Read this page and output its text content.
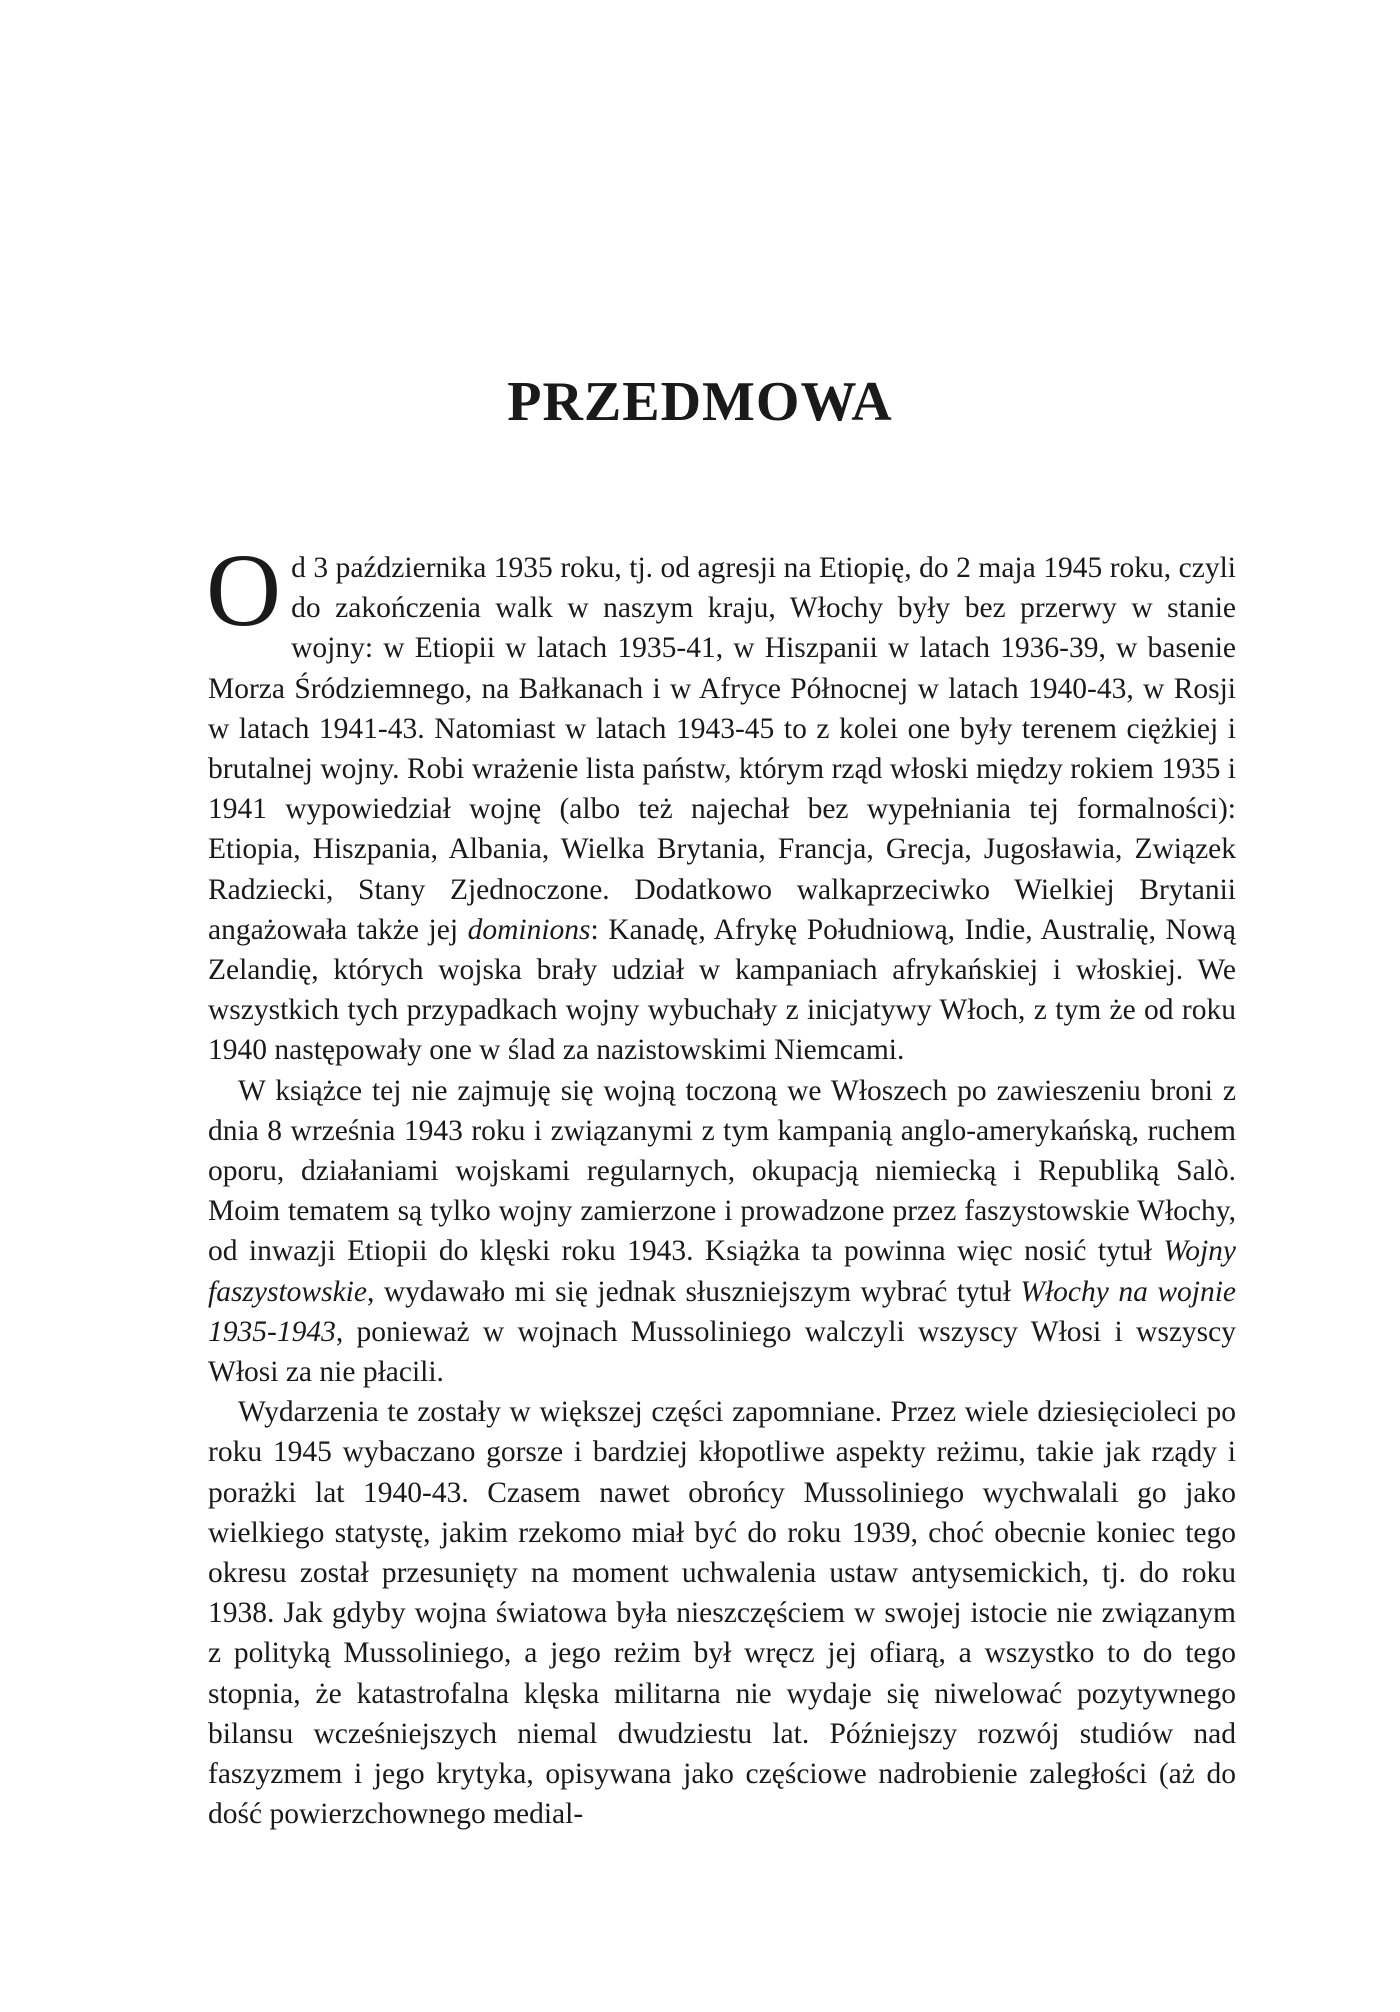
PRZEDMOWA

Od 3 października 1935 roku, tj. od agresji na Etiopię, do 2 maja 1945 roku, czyli do zakończenia walk w naszym kraju, Włochy były bez przerwy w stanie wojny: w Etiopii w latach 1935-41, w Hiszpanii w latach 1936-39, w basenie Morza Śródziemnego, na Bałkanach i w Afryce Północnej w latach 1940-43, w Rosji w latach 1941-43. Natomiast w latach 1943-45 to z kolei one były terenem ciężkiej i brutalnej wojny. Robi wrażenie lista państw, którym rząd włoski między rokiem 1935 i 1941 wypowiedział wojnę (albo też najechał bez wypełniania tej formalności): Etiopia, Hiszpania, Albania, Wielka Brytania, Francja, Grecja, Jugosławia, Związek Radziecki, Stany Zjednoczone. Dodatkowo walkaprzeciwko Wielkiej Brytanii angażowała także jej dominions: Kanadę, Afrykę Południową, Indie, Australię, Nową Zelandię, których wojska brały udział w kampaniach afrykańskiej i włoskiej. We wszystkich tych przypadkach wojny wybuchały z inicjatywy Włoch, z tym że od roku 1940 następowały one w ślad za nazistowskimi Niemcami.

W książce tej nie zajmuję się wojną toczoną we Włoszech po zawieszeniu broni z dnia 8 września 1943 roku i związanymi z tym kampanią anglo-amerykańską, ruchem oporu, działaniami wojskami regularnych, okupacją niemiecką i Republiką Salò. Moim tematem są tylko wojny zamierzone i prowadzone przez faszystowskie Włochy, od inwazji Etiopii do klęski roku 1943. Książka ta powinna więc nosić tytuł Wojny faszystowskie, wydawało mi się jednak słuszniejszym wybrać tytuł Włochy na wojnie 1935-1943, ponieważ w wojnach Mussoliniego walczyli wszyscy Włosi i wszyscy Włosi za nie płacili.

Wydarzenia te zostały w większej części zapomniane. Przez wiele dziesięcioleci po roku 1945 wybaczano gorsze i bardziej kłopotliwe aspekty reżimu, takie jak rządy i porażki lat 1940-43. Czasem nawet obrońcy Mussoliniego wychwalali go jako wielkiego statystę, jakim rzekomo miał być do roku 1939, choć obecnie koniec tego okresu został przesunięty na moment uchwalenia ustaw antysemickich, tj. do roku 1938. Jak gdyby wojna światowa była nieszczęściem w swojej istocie nie związanym z polityką Mussoliniego, a jego reżim był wręcz jej ofiarą, a wszystko to do tego stopnia, że katastrofalna klęska militarna nie wydaje się niwelować pozytywnego bilansu wcześniejszych niemal dwudziestu lat. Późniejszy rozwój studiów nad faszyzmem i jego krytyka, opisywana jako częściowe nadrobienie zaległości (aż do dość powierzchownego medial-
